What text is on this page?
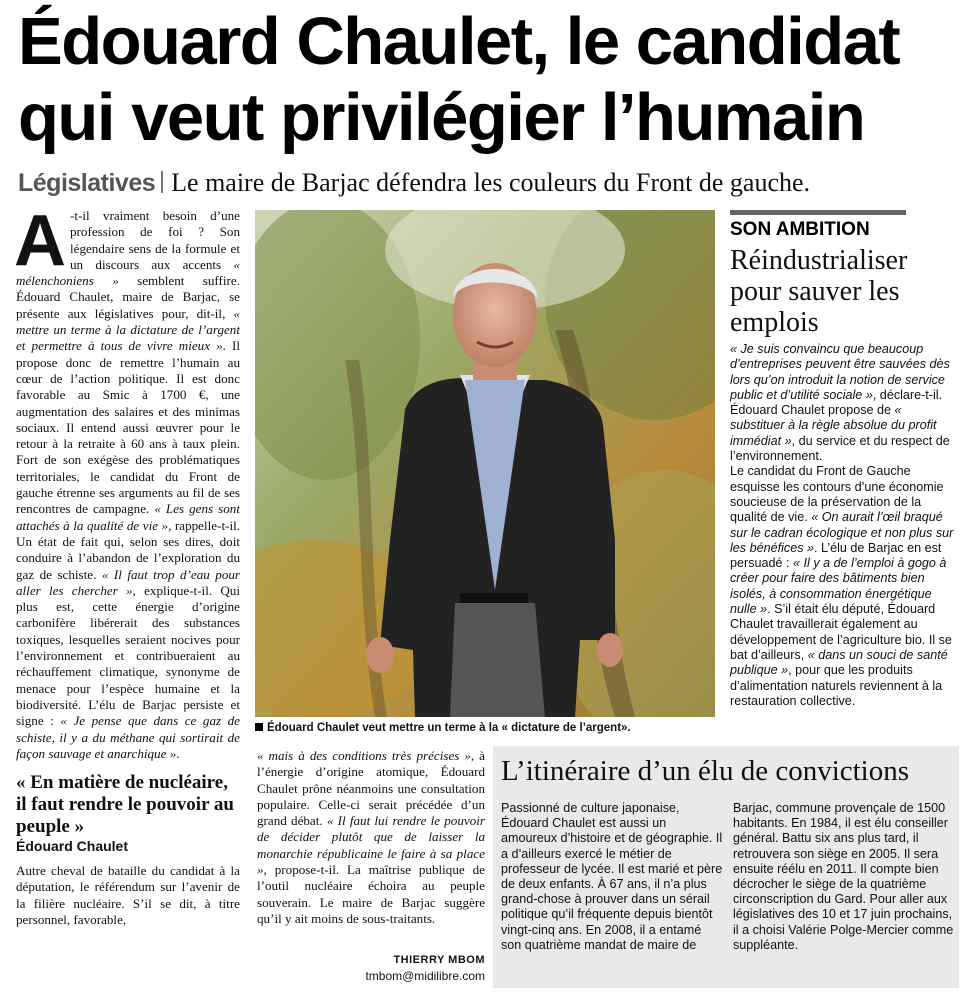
Édouard Chaulet, le candidat
qui veut privilégier l’humain
Législatives Le maire de Barjac défendra les couleurs du Front de gauche.
A -t-il vraiment besoin d’une profession de foi ? Son légendaire sens de la formule et un discours aux accents « mélenchoniens » semblent suffire. Édouard Chaulet, maire de Barjac, se présente aux législatives pour, dit-il, « mettre un terme à la dictature de l’argent et permettre à tous de vivre mieux ». Il propose donc de remettre l’humain au cœur de l’action politique. Il est donc favorable au Smic à 1700 €, une augmentation des salaires et des minimas sociaux. Il entend aussi œuvrer pour le retour à la retraite à 60 ans à taux plein. Fort de son exégèse des problématiques territoriales, le candidat du Front de gauche étrenne ses arguments au fil de ses rencontres de campagne. « Les gens sont attachés à la qualité de vie », rappelle-t-il. Un état de fait qui, selon ses dires, doit conduire à l’abandon de l’exploration du gaz de schiste. « Il faut trop d’eau pour aller les chercher », explique-t-il. Qui plus est, cette énergie d’origine carbonifère libérerait des substances toxiques, lesquelles seraient nocives pour l’environnement et contribueraient au réchauffement climatique, synonyme de menace pour l’espèce humaine et la biodiversité. L’élu de Barjac persiste et signe : « Je pense que dans ce gaz de schiste, il y a du méthane qui sortirait de façon sauvage et anarchique ».

« En matière de nucléaire, il faut rendre le pouvoir au peuple »
Édouard Chaulet

Autre cheval de bataille du candidat à la députation, le référendum sur l’avenir de la filière nucléaire. S’il se dit, à titre personnel, favorable,

Édouard Chaulet veut mettre un terme à la « dictature de l’argent».
SON AMBITION
Réindustrialiser pour sauver les emplois

« Je suis convaincu que beaucoup d’entreprises peuvent être sauvées dès lors qu’on introduit la notion de service public et d’utilité sociale », déclare-t-il. Édouard Chaulet propose de « substituer à la règle absolue du profit immédiat », du service et du respect de l’environnement.

Le candidat du Front de Gauche esquisse les contours d’une économie soucieuse de la préservation de la qualité de vie. « On aurait l’œil braqué sur le cadran écologique et non plus sur les bénéfices ». L’élu de Barjac en est persuadé : « Il y a de l’emploi à gogo à créer pour faire des bâtiments bien isolés, à consommation énergétique nulle ». S’il était élu député, Édouard Chaulet travaillerait également au développement de l’agriculture bio. Il se bat d’ailleurs, « dans un souci de santé publique », pour que les produits d’alimentation naturels reviennent à la restauration collective.

« mais à des conditions très précises », à l’énergie d’origine atomique, Édouard Chaulet prône néanmoins une consultation populaire. Celle-ci serait précédée d’un grand débat. « Il faut lui rendre le pouvoir de décider plutôt que de laisser la monarchie républicaine le faire à sa place », propose-t-il. La maîtrise publique de l’outil nucléaire échoira au peuple souverain. Le maire de Barjac suggère qu’il y ait moins de sous-traitants.

THIERRY MBOM
tmbom@midilibre.com
L’itinéraire d’un élu de convictions

Passionné de culture japonaise, Édouard Chaulet est aussi un amoureux d’histoire et de géographie. Il a d’ailleurs exercé le métier de professeur de lycée. Il est marié et père de deux enfants. À 67 ans, il n’a plus grand-chose à prouver dans un sérail politique qu’il fréquente depuis bientôt vingt-cinq ans. En 2008, il a entamé son quatrième mandat de maire de

Barjac, commune provençale de 1500 habitants. En 1984, il est élu conseiller général. Battu six ans plus tard, il retrouvera son siège en 2005. Il sera ensuite réélu en 2011. Il compte bien décrocher le siège de la quatrième circonscription du Gard. Pour aller aux législatives des 10 et 17 juin prochains, il a choisi Valérie Polge-Mercier comme suppléante.
